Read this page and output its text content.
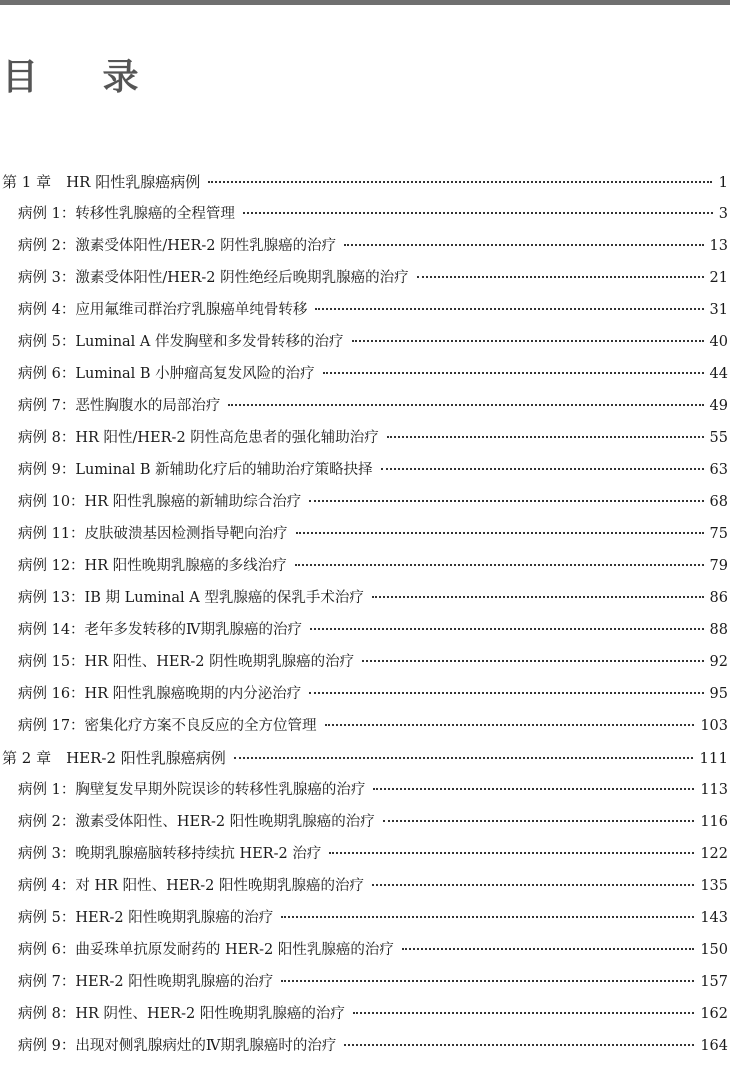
目 录
第 1 章　HR 阳性乳腺癌病例	1
病例 1：转移性乳腺癌的全程管理	3
病例 2：激素受体阳性/HER-2 阴性乳腺癌的治疗	13
病例 3：激素受体阳性/HER-2 阴性绝经后晚期乳腺癌的治疗	21
病例 4：应用氟维司群治疗乳腺癌单纯骨转移	31
病例 5：Luminal A 伴发胸壁和多发骨转移的治疗	40
病例 6：Luminal B 小肿瘤高复发风险的治疗	44
病例 7：恶性胸腹水的局部治疗	49
病例 8：HR 阳性/HER-2 阴性高危患者的强化辅助治疗	55
病例 9：Luminal B 新辅助化疗后的辅助治疗策略抉择	63
病例 10：HR 阳性乳腺癌的新辅助综合治疗	68
病例 11：皮肤破溃基因检测指导靶向治疗	75
病例 12：HR 阳性晚期乳腺癌的多线治疗	79
病例 13：IB 期 Luminal A 型乳腺癌的保乳手术治疗	86
病例 14：老年多发转移的Ⅳ期乳腺癌的治疗	88
病例 15：HR 阳性、HER-2 阴性晚期乳腺癌的治疗	92
病例 16：HR 阳性乳腺癌晚期的内分泌治疗	95
病例 17：密集化疗方案不良反应的全方位管理	103
第 2 章　HER-2 阳性乳腺癌病例	111
病例 1：胸壁复发早期外院误诊的转移性乳腺癌的治疗	113
病例 2：激素受体阳性、HER-2 阳性晚期乳腺癌的治疗	116
病例 3：晚期乳腺癌脑转移持续抗 HER-2 治疗	122
病例 4：对 HR 阳性、HER-2 阳性晚期乳腺癌的治疗	135
病例 5：HER-2 阳性晚期乳腺癌的治疗	143
病例 6：曲妥珠单抗原发耐药的 HER-2 阳性乳腺癌的治疗	150
病例 7：HER-2 阳性晚期乳腺癌的治疗	157
病例 8：HR 阴性、HER-2 阳性晚期乳腺癌的治疗	162
病例 9：出现对侧乳腺病灶的Ⅳ期乳腺癌时的治疗	164
